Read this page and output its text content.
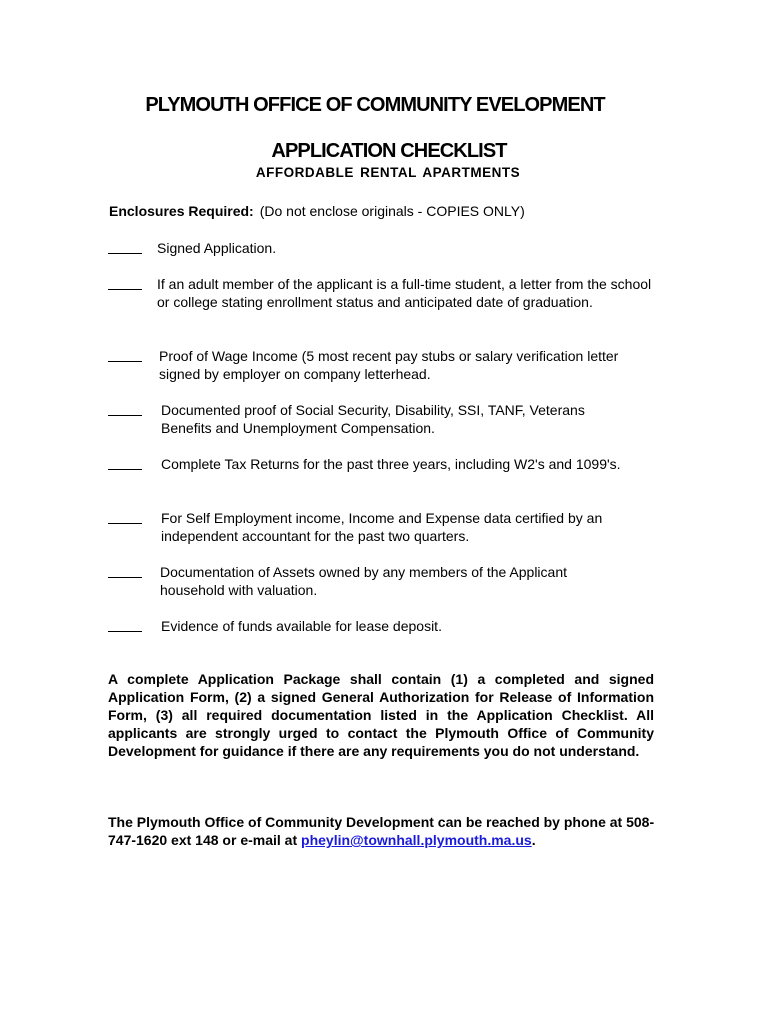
PLYMOUTH OFFICE OF COMMUNITY EVELOPMENT
APPLICATION CHECKLIST
AFFORDABLE RENTAL APARTMENTS
Enclosures Required: (Do not enclose originals - COPIES ONLY)
Signed Application.
If an adult member of the applicant is a full-time student, a letter from the school or college stating enrollment status and anticipated date of graduation.
Proof of Wage Income (5 most recent pay stubs or salary verification letter signed by employer on company letterhead.
Documented proof of Social Security, Disability, SSI, TANF, Veterans Benefits and Unemployment Compensation.
Complete Tax Returns for the past three years, including W2's and 1099's.
For Self Employment income, Income and Expense data certified by an independent accountant for the past two quarters.
Documentation of Assets owned by any members of the Applicant household with valuation.
Evidence of funds available for lease deposit.
A complete Application Package shall contain (1) a completed and signed Application Form, (2) a signed General Authorization for Release of Information Form, (3) all required documentation listed in the Application Checklist. All applicants are strongly urged to contact the Plymouth Office of Community Development for guidance if there are any requirements you do not understand.
The Plymouth Office of Community Development can be reached by phone at 508-747-1620 ext 148 or e-mail at pheylin@townhall.plymouth.ma.us.
